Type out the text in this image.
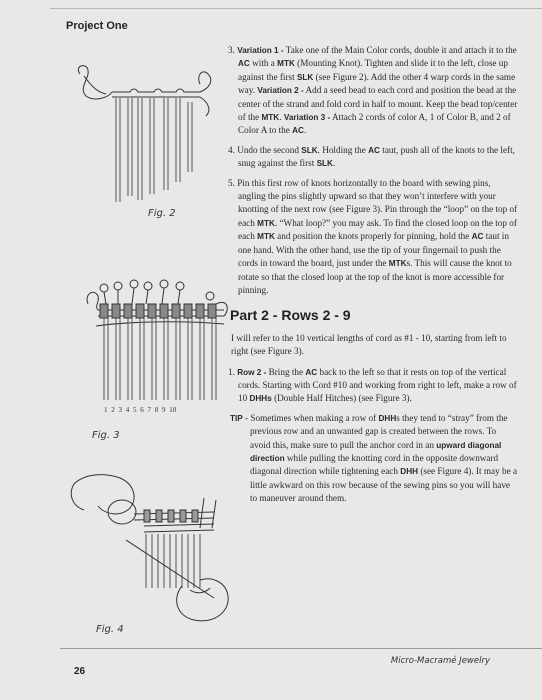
Project One
Fig. 2
1 2 3 4 5 6 7 8 9 10
Fig. 3
Fig. 4
3. Variation 1 - Take one of the Main Color cords, double it and attach it to the AC with a MTK (Mounting Knot). Tighten and slide it to the left, close up against the first SLK (see Figure 2). Add the other 4 warp cords in the same way. Variation 2 - Add a seed bead to each cord and position the bead at the center of the strand and fold cord in half to mount. Keep the bead top/center of the MTK. Variation 3 - Attach 2 cords of color A, 1 of Color B, and 2 of Color A to the AC.
4. Undo the second SLK. Holding the AC taut, push all of the knots to the left, snug against the first SLK.
5. Pin this first row of knots horizontally to the board with sewing pins, angling the pins slightly upward so that they won’t interfere with your knotting of the next row (see Figure 3). Pin through the “loop” on the top of each MTK. “What loop?” you may ask. To find the closed loop on the top of each MTK and position the knots properly for pinning, hold the AC taut in one hand. With the other hand, use the tip of your fingernail to push the cords in toward the board, just under the MTKs. This will cause the knot to rotate so that the closed loop at the top of the knot is more accessible for pinning.
Part 2 - Rows 2 - 9
I will refer to the 10 vertical lengths of cord as #1 - 10, starting from left to right (see Figure 3).
1. Row 2 - Bring the AC back to the left so that it rests on top of the vertical cords. Starting with Cord #10 and working from right to left, make a row of 10 DHHs (Double Half Hitches) (see Figure 3).
TIP - Sometimes when making a row of DHHs they tend to “stray” from the previous row and an unwanted gap is created between the rows. To avoid this, make sure to pull the anchor cord in an upward diagonal direction while pulling the knotting cord in the opposite downward diagonal direction while tightening each DHH (see Figure 4). It may be a little awkward on this row because of the sewing pins so you will have to maneuver around them.
26
Micro-Macramé Jewelry
